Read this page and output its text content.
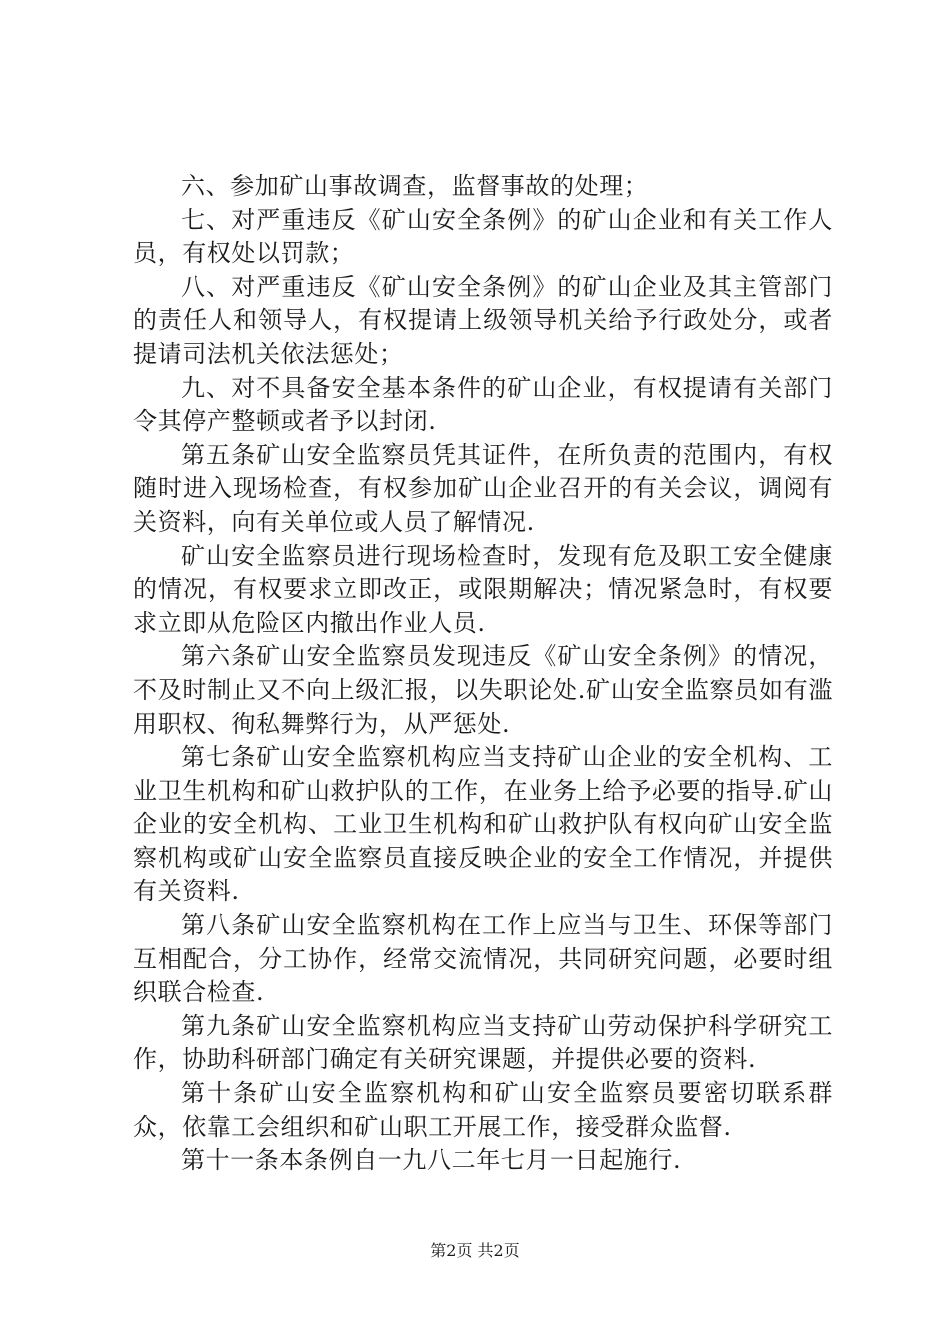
六、参加矿山事故调查，监督事故的处理；

七、对严重违反《矿山安全条例》的矿山企业和有关工作人员，有权处以罚款；

八、对严重违反《矿山安全条例》的矿山企业及其主管部门的责任人和领导人，有权提请上级领导机关给予行政处分，或者提请司法机关依法惩处；

九、对不具备安全基本条件的矿山企业，有权提请有关部门令其停产整顿或者予以封闭.

第五条矿山安全监察员凭其证件，在所负责的范围内，有权随时进入现场检查，有权参加矿山企业召开的有关会议，调阅有关资料，向有关单位或人员了解情况.

矿山安全监察员进行现场检查时，发现有危及职工安全健康的情况，有权要求立即改正，或限期解决；情况紧急时，有权要求立即从危险区内撤出作业人员.

第六条矿山安全监察员发现违反《矿山安全条例》的情况，不及时制止又不向上级汇报，以失职论处.矿山安全监察员如有滥用职权、徇私舞弊行为，从严惩处.

第七条矿山安全监察机构应当支持矿山企业的安全机构、工业卫生机构和矿山救护队的工作，在业务上给予必要的指导.矿山企业的安全机构、工业卫生机构和矿山救护队有权向矿山安全监察机构或矿山安全监察员直接反映企业的安全工作情况，并提供有关资料.

第八条矿山安全监察机构在工作上应当与卫生、环保等部门互相配合，分工协作，经常交流情况，共同研究问题，必要时组织联合检查.

第九条矿山安全监察机构应当支持矿山劳动保护科学研究工作，协助科研部门确定有关研究课题，并提供必要的资料.

第十条矿山安全监察机构和矿山安全监察员要密切联系群众，依靠工会组织和矿山职工开展工作，接受群众监督.

第十一条本条例自一九八二年七月一日起施行.

第2页 共2页
